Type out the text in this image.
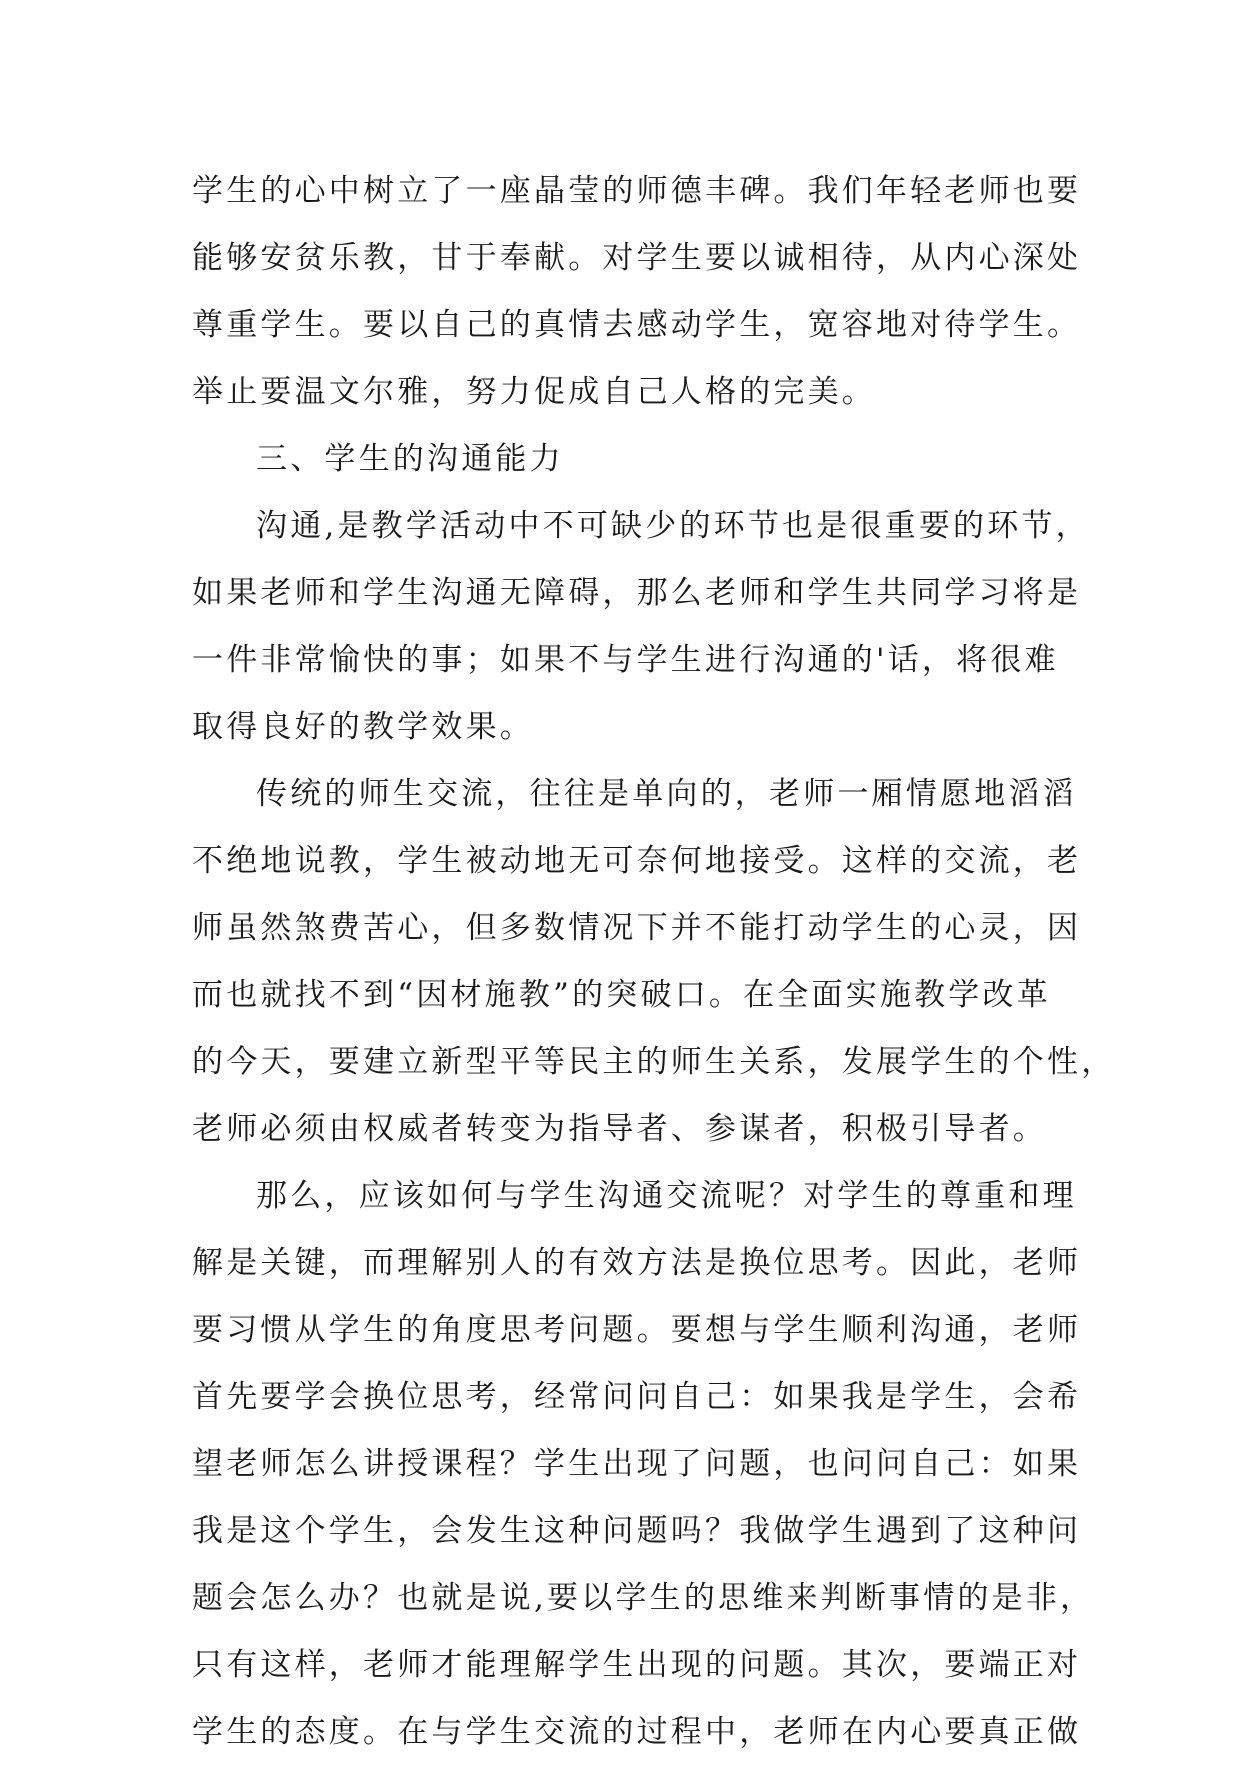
学生的心中树立了一座晶莹的师德丰碑。我们年轻老师也要
能够安贫乐教，甘于奉献。对学生要以诚相待，从内心深处
尊重学生。要以自己的真情去感动学生，宽容地对待学生。
举止要温文尔雅，努力促成自己人格的完美。
三、学生的沟通能力
沟通,是教学活动中不可缺少的环节也是很重要的环节，
如果老师和学生沟通无障碍，那么老师和学生共同学习将是
一件非常愉快的事；如果不与学生进行沟通的'话，将很难
取得良好的教学效果。
传统的师生交流，往往是单向的，老师一厢情愿地滔滔
不绝地说教，学生被动地无可奈何地接受。这样的交流，老
师虽然煞费苦心，但多数情况下并不能打动学生的心灵，因
而也就找不到“因材施教”的突破口。在全面实施教学改革
的今天，要建立新型平等民主的师生关系，发展学生的个性，
老师必须由权威者转变为指导者、参谋者，积极引导者。
那么，应该如何与学生沟通交流呢？对学生的尊重和理
解是关键，而理解别人的有效方法是换位思考。因此，老师
要习惯从学生的角度思考问题。要想与学生顺利沟通，老师
首先要学会换位思考，经常问问自己：如果我是学生，会希
望老师怎么讲授课程？学生出现了问题，也问问自己：如果
我是这个学生，会发生这种问题吗？我做学生遇到了这种问
题会怎么办？也就是说,要以学生的思维来判断事情的是非，
只有这样，老师才能理解学生出现的问题。其次，要端正对
学生的态度。在与学生交流的过程中，老师在内心要真正做
